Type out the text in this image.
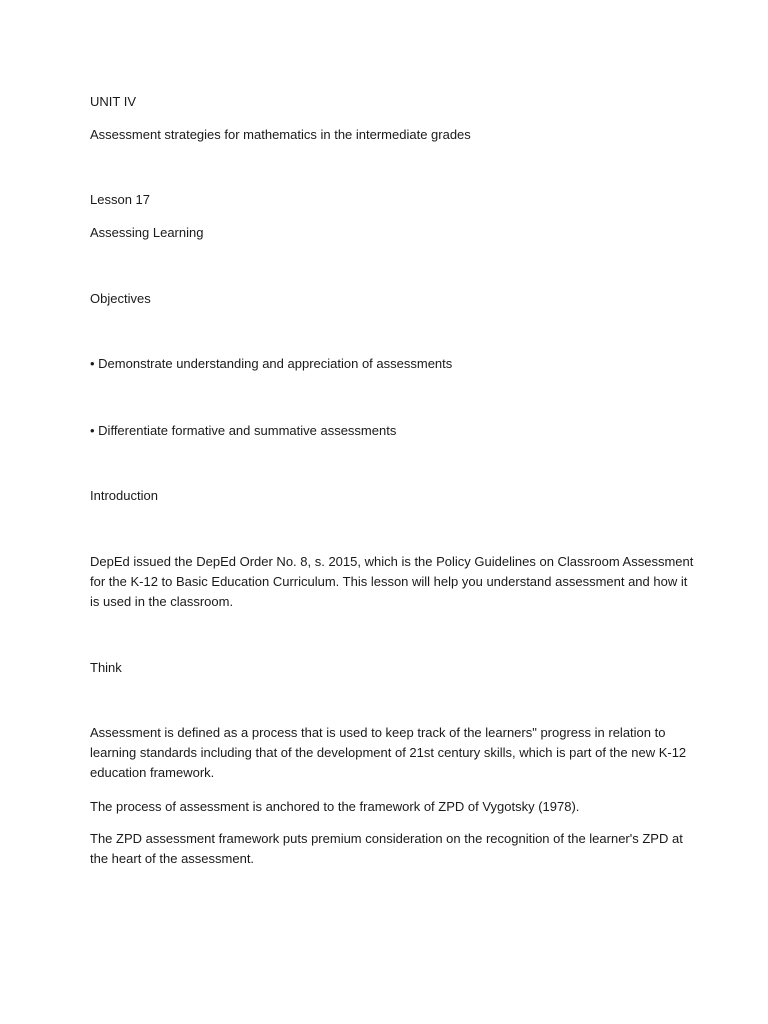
UNIT IV

Assessment strategies for mathematics in the intermediate grades

Lesson 17

Assessing Learning

Objectives

• Demonstrate understanding and appreciation of assessments

• Differentiate formative and summative assessments

Introduction

DepEd issued the DepEd Order No. 8, s. 2015, which is the Policy Guidelines on Classroom Assessment
for the K-12 to Basic Education Curriculum. This lesson will help you understand assessment and how it
is used in the classroom.

Think

Assessment is defined as a process that is used to keep track of the learners" progress in relation to
learning standards including that of the development of 21st century skills, which is part of the new K-12
education framework.

The process of assessment is anchored to the framework of ZPD of Vygotsky (1978).

The ZPD assessment framework puts premium consideration on the recognition of the learner's ZPD at
the heart of the assessment.
